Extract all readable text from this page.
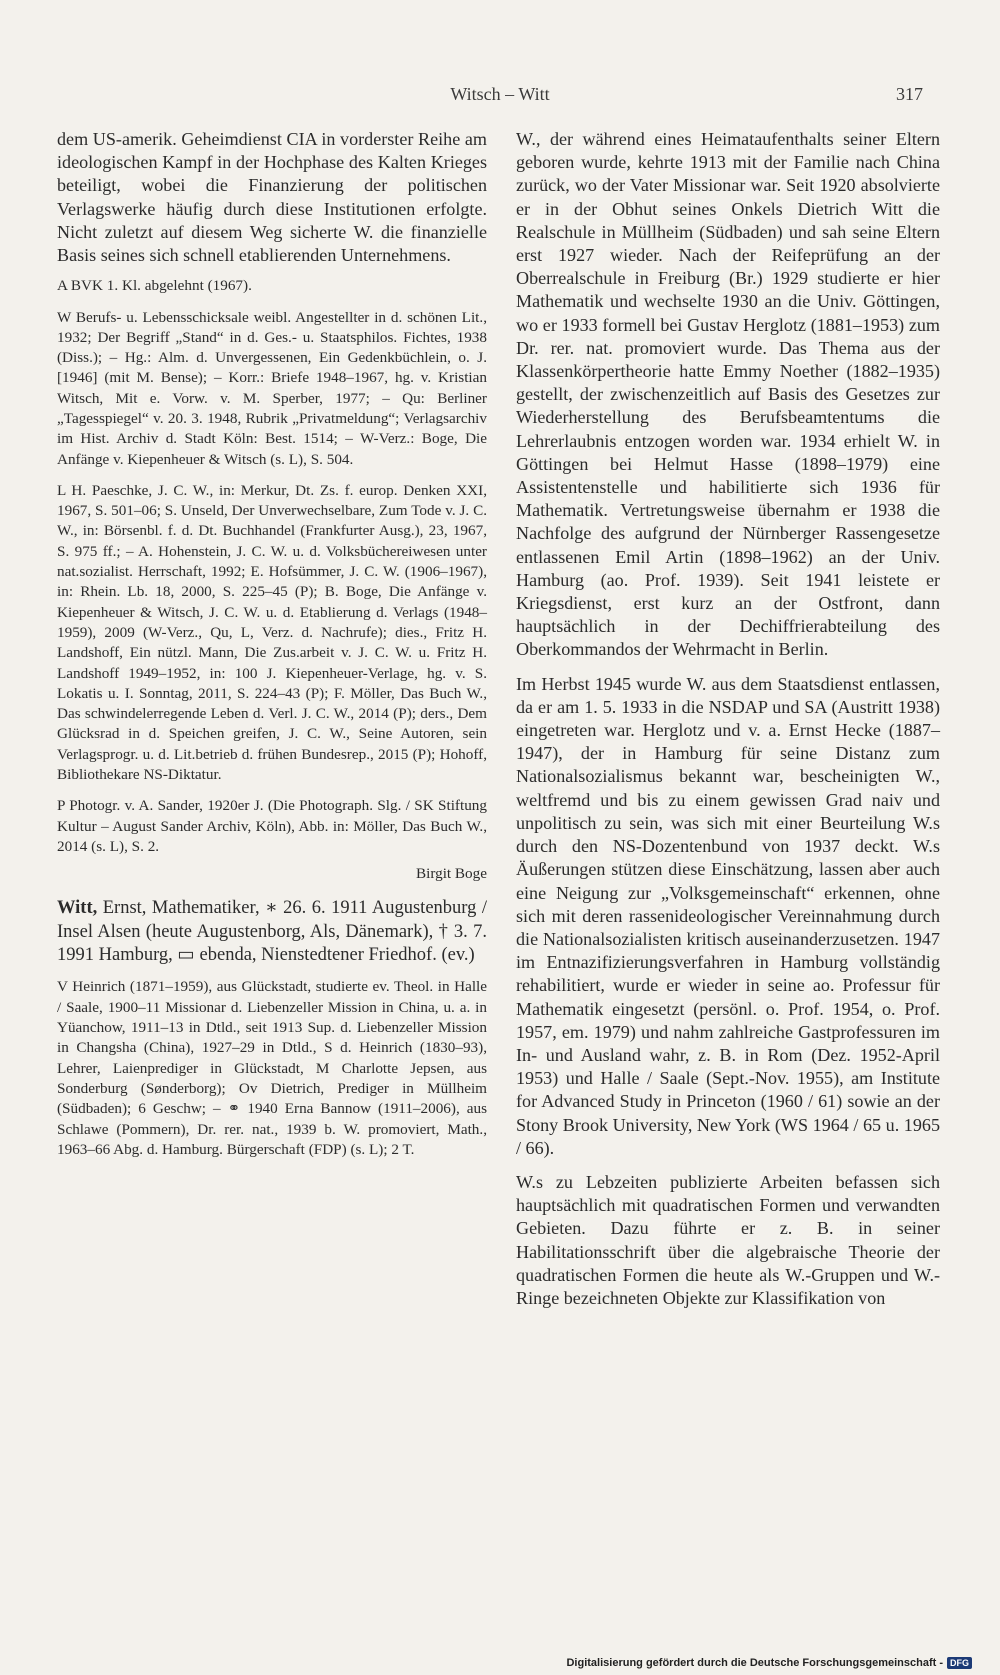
Witsch – Witt	317

dem US-amerik. Geheimdienst CIA in vorderster Reihe am ideologischen Kampf in der Hochphase des Kalten Krieges beteiligt, wobei die Finanzierung der politischen Verlagswerke häufig durch diese Institutionen erfolgte. Nicht zuletzt auf diesem Weg sicherte W. die finanzielle Basis seines sich schnell etablierenden Unternehmens.

A BVK 1. Kl. abgelehnt (1967).

W Berufs- u. Lebensschicksale weibl. Angestellter in d. schönen Lit., 1932; Der Begriff „Stand“ in d. Ges.- u. Staatsphilos. Fichtes, 1938 (Diss.); – Hg.: Alm. d. Unvergessenen, Ein Gedenkbüchlein, o. J. [1946] (mit M. Bense); – Korr.: Briefe 1948–1967, hg. v. Kristian Witsch, Mit e. Vorw. v. M. Sperber, 1977; – Qu: Berliner „Tagesspiegel“ v. 20. 3. 1948, Rubrik „Privatmeldung“; Verlagsarchiv im Hist. Archiv d. Stadt Köln: Best. 1514; – W-Verz.: Boge, Die Anfänge v. Kiepenheuer & Witsch (s. L), S. 504.

L H. Paeschke, J. C. W., in: Merkur, Dt. Zs. f. europ. Denken XXI, 1967, S. 501–06; S. Unseld, Der Unverwechselbare, Zum Tode v. J. C. W., in: Börsenbl. f. d. Dt. Buchhandel (Frankfurter Ausg.), 23, 1967, S. 975 ff.; – A. Hohenstein, J. C. W. u. d. Volksbüchereiwesen unter nat.sozialist. Herrschaft, 1992; E. Hofsümmer, J. C. W. (1906–1967), in: Rhein. Lb. 18, 2000, S. 225–45 (P); B. Boge, Die Anfänge v. Kiepenheuer & Witsch, J. C. W. u. d. Etablierung d. Verlags (1948–1959), 2009 (W-Verz., Qu, L, Verz. d. Nachrufe); dies., Fritz H. Landshoff, Ein nützl. Mann, Die Zus.arbeit v. J. C. W. u. Fritz H. Landshoff 1949–1952, in: 100 J. Kiepenheuer-Verlage, hg. v. S. Lokatis u. I. Sonntag, 2011, S. 224–43 (P); F. Möller, Das Buch W., Das schwindelerregende Leben d. Verl. J. C. W., 2014 (P); ders., Dem Glücksrad in d. Speichen greifen, J. C. W., Seine Autoren, sein Verlagsprogr. u. d. Lit.betrieb d. frühen Bundesrep., 2015 (P); Hohoff, Bibliothekare NS-Diktatur.

P Photogr. v. A. Sander, 1920er J. (Die Photograph. Slg. / SK Stiftung Kultur – August Sander Archiv, Köln), Abb. in: Möller, Das Buch W., 2014 (s. L), S. 2.

Birgit Boge

Witt, Ernst, Mathematiker, ∗ 26. 6. 1911 Augustenburg / Insel Alsen (heute Augustenborg, Als, Dänemark), † 3. 7. 1991 Hamburg, ▭ ebenda, Nienstedtener Friedhof. (ev.)

V Heinrich (1871–1959), aus Glückstadt, studierte ev. Theol. in Halle / Saale, 1900–11 Missionar d. Liebenzeller Mission in China, u. a. in Yüanchow, 1911–13 in Dtld., seit 1913 Sup. d. Liebenzeller Mission in Changsha (China), 1927–29 in Dtld., S d. Heinrich (1830–93), Lehrer, Laienprediger in Glückstadt, M Charlotte Jepsen, aus Sonderburg (Sønderborg); Ov Dietrich, Prediger in Müllheim (Südbaden); 6 Geschw; – ⚭ 1940 Erna Bannow (1911–2006), aus Schlawe (Pommern), Dr. rer. nat., 1939 b. W. promoviert, Math., 1963–66 Abg. d. Hamburg. Bürgerschaft (FDP) (s. L); 2 T.

W., der während eines Heimataufenthalts seiner Eltern geboren wurde, kehrte 1913 mit der Familie nach China zurück, wo der Vater Missionar war. Seit 1920 absolvierte er in der Obhut seines Onkels Dietrich Witt die Realschule in Müllheim (Südbaden) und sah seine Eltern erst 1927 wieder. Nach der Reifeprüfung an der Oberrealschule in Freiburg (Br.) 1929 studierte er hier Mathematik und wechselte 1930 an die Univ. Göttingen, wo er 1933 formell bei Gustav Herglotz (1881–1953) zum Dr. rer. nat. promoviert wurde. Das Thema aus der Klassenkörpertheorie hatte Emmy Noether (1882–1935) gestellt, der zwischenzeitlich auf Basis des Gesetzes zur Wiederherstellung des Berufsbeamtentums die Lehrerlaubnis entzogen worden war. 1934 erhielt W. in Göttingen bei Helmut Hasse (1898–1979) eine Assistentenstelle und habilitierte sich 1936 für Mathematik. Vertretungsweise übernahm er 1938 die Nachfolge des aufgrund der Nürnberger Rassengesetze entlassenen Emil Artin (1898–1962) an der Univ. Hamburg (ao. Prof. 1939). Seit 1941 leistete er Kriegsdienst, erst kurz an der Ostfront, dann hauptsächlich in der Dechiffrierabteilung des Oberkommandos der Wehrmacht in Berlin.

Im Herbst 1945 wurde W. aus dem Staatsdienst entlassen, da er am 1. 5. 1933 in die NSDAP und SA (Austritt 1938) eingetreten war. Herglotz und v. a. Ernst Hecke (1887–1947), der in Hamburg für seine Distanz zum Nationalsozialismus bekannt war, bescheinigten W., weltfremd und bis zu einem gewissen Grad naiv und unpolitisch zu sein, was sich mit einer Beurteilung W.s durch den NS-Dozentenbund von 1937 deckt. W.s Äußerungen stützen diese Einschätzung, lassen aber auch eine Neigung zur „Volksgemeinschaft“ erkennen, ohne sich mit deren rassenideologischer Vereinnahmung durch die Nationalsozialisten kritisch auseinanderzusetzen. 1947 im Entnazifizierungsverfahren in Hamburg vollständig rehabilitiert, wurde er wieder in seine ao. Professur für Mathematik eingesetzt (persönl. o. Prof. 1954, o. Prof. 1957, em. 1979) und nahm zahlreiche Gastprofessuren im In- und Ausland wahr, z. B. in Rom (Dez. 1952-April 1953) und Halle / Saale (Sept.-Nov. 1955), am Institute for Advanced Study in Princeton (1960 / 61) sowie an der Stony Brook University, New York (WS 1964 / 65 u. 1965 / 66).

W.s zu Lebzeiten publizierte Arbeiten befassen sich hauptsächlich mit quadratischen Formen und verwandten Gebieten. Dazu führte er z. B. in seiner Habilitationsschrift über die algebraische Theorie der quadratischen Formen die heute als W.-Gruppen und W.-Ringe bezeichneten Objekte zur Klassifikation von

Digitalisierung gefördert durch die Deutsche Forschungsgemeinschaft - DFG
